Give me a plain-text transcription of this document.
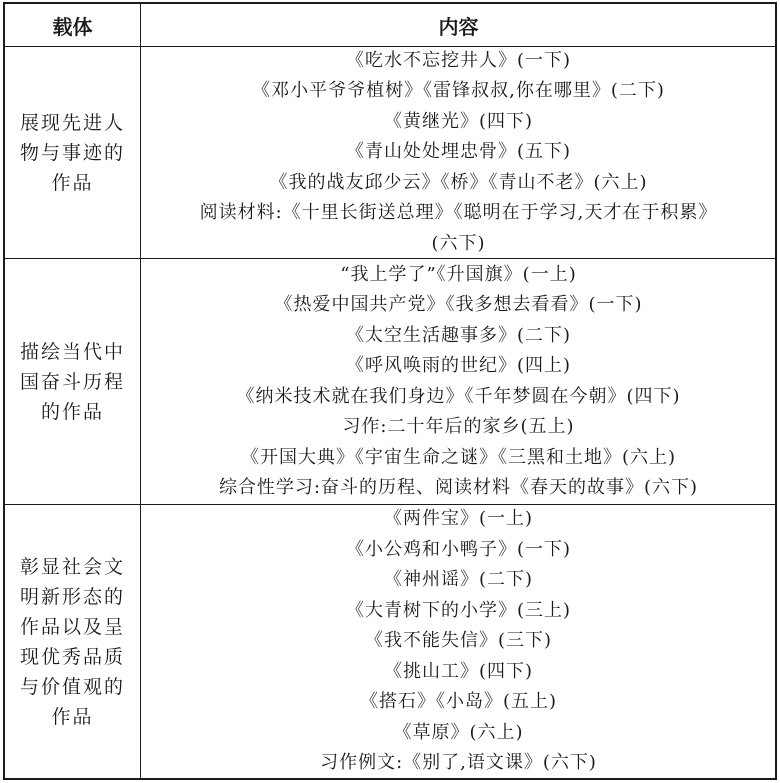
载体	内容
展现先进人物与事迹的作品
《吃水不忘挖井人》(一下)
《邓小平爷爷植树》《雷锋叔叔,你在哪里》(二下)
《黄继光》(四下)
《青山处处埋忠骨》(五下)
《我的战友邱少云》《桥》《青山不老》(六上)
阅读材料:《十里长街送总理》《聪明在于学习,天才在于积累》
(六下)
描绘当代中国奋斗历程的作品
“我上学了”《升国旗》(一上)
《热爱中国共产党》《我多想去看看》(一下)
《太空生活趣事多》(二下)
《呼风唤雨的世纪》(四上)
《纳米技术就在我们身边》《千年梦圆在今朝》(四下)
习作:二十年后的家乡(五上)
《开国大典》《宇宙生命之谜》《三黑和土地》(六上)
综合性学习:奋斗的历程、阅读材料《春天的故事》(六下)
彰显社会文明新形态的作品以及呈现优秀品质与价值观的作品
《两件宝》(一上)
《小公鸡和小鸭子》(一下)
《神州谣》(二下)
《大青树下的小学》(三上)
《我不能失信》(三下)
《挑山工》(四下)
《搭石》《小岛》(五上)
《草原》(六上)
习作例文:《别了,语文课》(六下)
